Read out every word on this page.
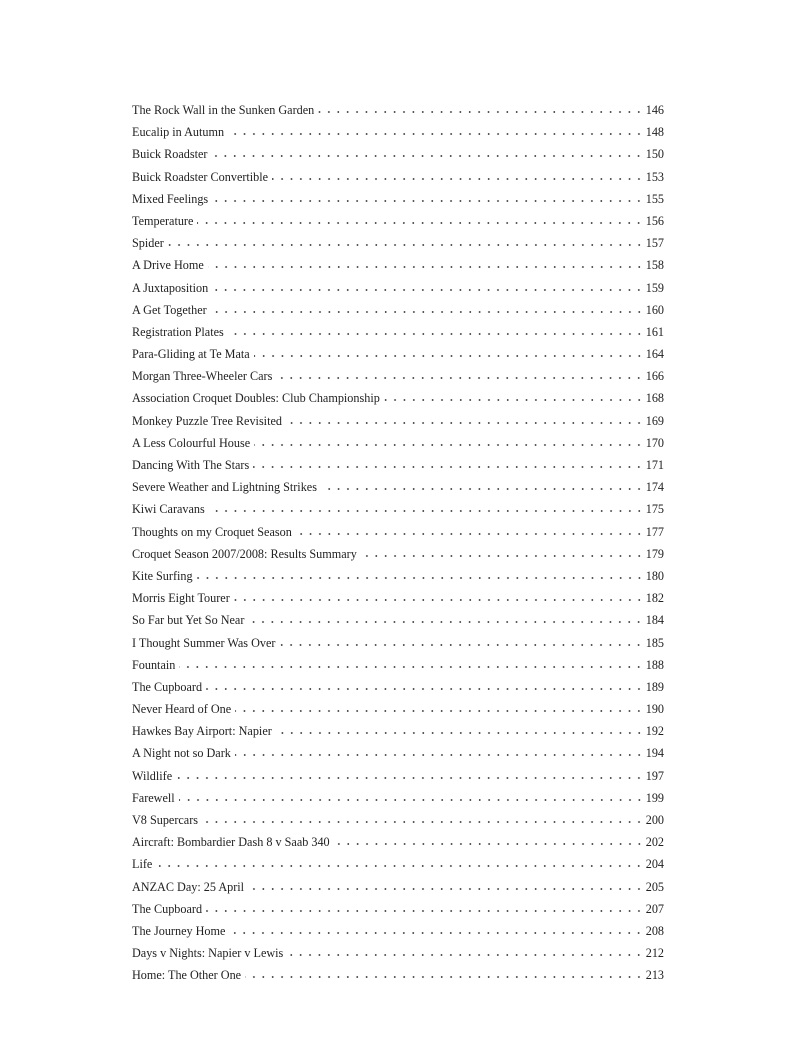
The Rock Wall in the Sunken Garden	146
Eucalip in Autumn	148
Buick Roadster	150
Buick Roadster Convertible	153
Mixed Feelings	155
Temperature	156
Spider	157
A Drive Home	158
A Juxtaposition	159
A Get Together	160
Registration Plates	161
Para-Gliding at Te Mata	164
Morgan Three-Wheeler Cars	166
Association Croquet Doubles: Club Championship	168
Monkey Puzzle Tree Revisited	169
A Less Colourful House	170
Dancing With The Stars	171
Severe Weather and Lightning Strikes	174
Kiwi Caravans	175
Thoughts on my Croquet Season	177
Croquet Season 2007/2008: Results Summary	179
Kite Surfing	180
Morris Eight Tourer	182
So Far but Yet So Near	184
I Thought Summer Was Over	185
Fountain	188
The Cupboard	189
Never Heard of One	190
Hawkes Bay Airport: Napier	192
A Night not so Dark	194
Wildlife	197
Farewell	199
V8 Supercars	200
Aircraft: Bombardier Dash 8 v Saab 340	202
Life	204
ANZAC Day: 25 April	205
The Cupboard	207
The Journey Home	208
Days v Nights: Napier v Lewis	212
Home: The Other One	213
